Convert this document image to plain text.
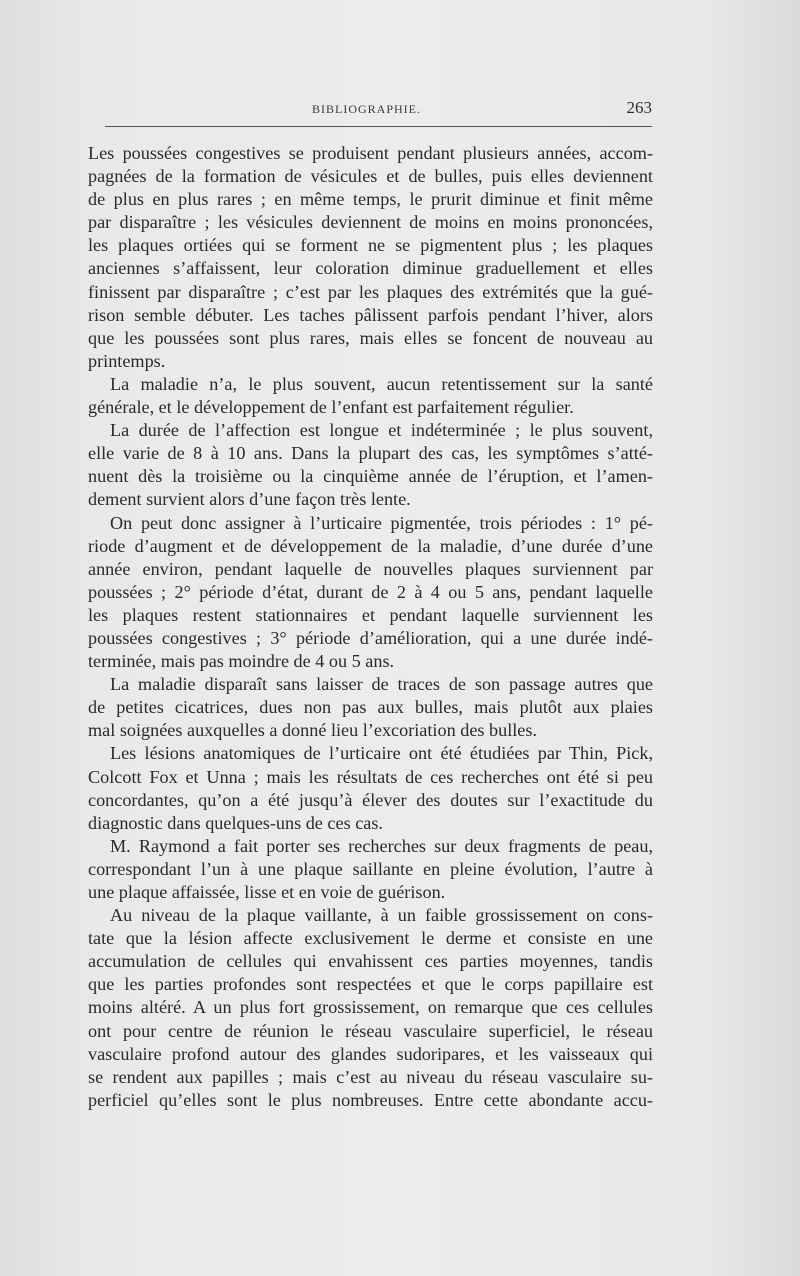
BIBLIOGRAPHIE.	263
Les poussées congestives se produisent pendant plusieurs années, accom-
pagnées de la formation de vésicules et de bulles, puis elles deviennent
de plus en plus rares ; en même temps, le prurit diminue et finit même
par disparaître ; les vésicules deviennent de moins en moins prononcées,
les plaques ortiées qui se forment ne se pigmentent plus ; les plaques
anciennes s’affaissent, leur coloration diminue graduellement et elles
finissent par disparaître ; c’est par les plaques des extrémités que la gué-
rison semble débuter. Les taches pâlissent parfois pendant l’hiver, alors
que les poussées sont plus rares, mais elles se foncent de nouveau au
printemps.
La maladie n’a, le plus souvent, aucun retentissement sur la santé
générale, et le développement de l’enfant est parfaitement régulier.
La durée de l’affection est longue et indéterminée ; le plus souvent,
elle varie de 8 à 10 ans. Dans la plupart des cas, les symptômes s’atté-
nuent dès la troisième ou la cinquième année de l’éruption, et l’amen-
dement survient alors d’une façon très lente.
On peut donc assigner à l’urticaire pigmentée, trois périodes : 1° pé-
riode d’augment et de développement de la maladie, d’une durée d’une
année environ, pendant laquelle de nouvelles plaques surviennent par
poussées ; 2° période d’état, durant de 2 à 4 ou 5 ans, pendant laquelle
les plaques restent stationnaires et pendant laquelle surviennent les
poussées congestives ; 3° période d’amélioration, qui a une durée indé-
terminée, mais pas moindre de 4 ou 5 ans.
La maladie disparaît sans laisser de traces de son passage autres que
de petites cicatrices, dues non pas aux bulles, mais plutôt aux plaies
mal soignées auxquelles a donné lieu l’excoriation des bulles.
Les lésions anatomiques de l’urticaire ont été étudiées par Thin, Pick,
Colcott Fox et Unna ; mais les résultats de ces recherches ont été si peu
concordantes, qu’on a été jusqu’à élever des doutes sur l’exactitude du
diagnostic dans quelques-uns de ces cas.
M. Raymond a fait porter ses recherches sur deux fragments de peau,
correspondant l’un à une plaque saillante en pleine évolution, l’autre à
une plaque affaissée, lisse et en voie de guérison.
Au niveau de la plaque vaillante, à un faible grossissement on cons-
tate que la lésion affecte exclusivement le derme et consiste en une
accumulation de cellules qui envahissent ces parties moyennes, tandis
que les parties profondes sont respectées et que le corps papillaire est
moins altéré. A un plus fort grossissement, on remarque que ces cellules
ont pour centre de réunion le réseau vasculaire superficiel, le réseau
vasculaire profond autour des glandes sudoripares, et les vaisseaux qui
se rendent aux papilles ; mais c’est au niveau du réseau vasculaire su-
perficiel qu’elles sont le plus nombreuses. Entre cette abondante accu-
